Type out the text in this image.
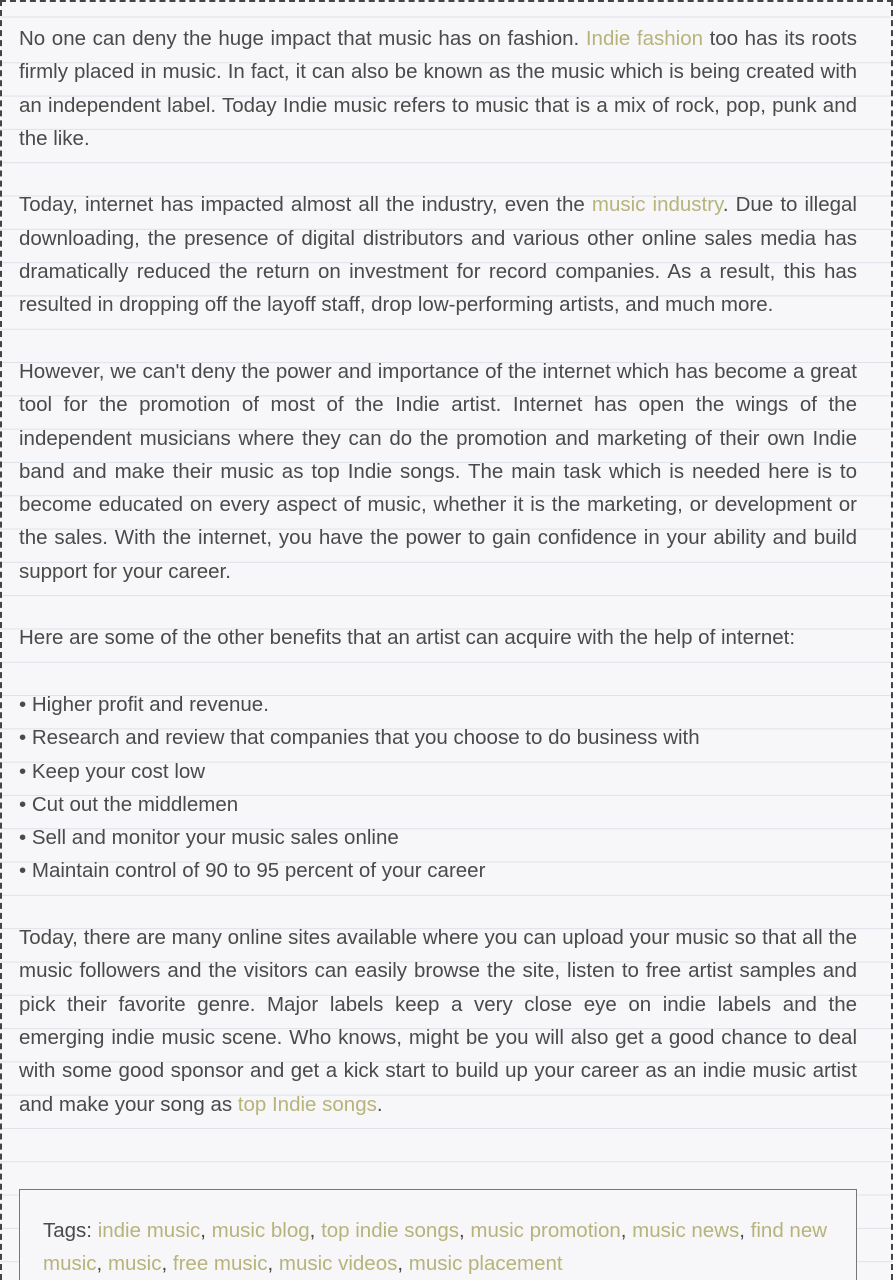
No one can deny the huge impact that music has on fashion. Indie fashion too has its roots firmly placed in music. In fact, it can also be known as the music which is being created with an independent label. Today Indie music refers to music that is a mix of rock, pop, punk and the like.

Today, internet has impacted almost all the industry, even the music industry. Due to illegal downloading, the presence of digital distributors and various other online sales media has dramatically reduced the return on investment for record companies. As a result, this has resulted in dropping off the layoff staff, drop low-performing artists, and much more.

However, we can't deny the power and importance of the internet which has become a great tool for the promotion of most of the Indie artist. Internet has open the wings of the independent musicians where they can do the promotion and marketing of their own Indie band and make their music as top Indie songs. The main task which is needed here is to become educated on every aspect of music, whether it is the marketing, or development or the sales. With the internet, you have the power to gain confidence in your ability and build support for your career.

Here are some of the other benefits that an artist can acquire with the help of internet:

• Higher profit and revenue.
• Research and review that companies that you choose to do business with
• Keep your cost low
• Cut out the middlemen
• Sell and monitor your music sales online
• Maintain control of 90 to 95 percent of your career

Today, there are many online sites available where you can upload your music so that all the music followers and the visitors can easily browse the site, listen to free artist samples and pick their favorite genre. Major labels keep a very close eye on indie labels and the emerging indie music scene. Who knows, might be you will also get a good chance to deal with some good sponsor and get a kick start to build up your career as an indie music artist and make your song as top Indie songs.

Tags: indie music, music blog, top indie songs, music promotion, music news, find new music, music, free music, music videos, music placement
